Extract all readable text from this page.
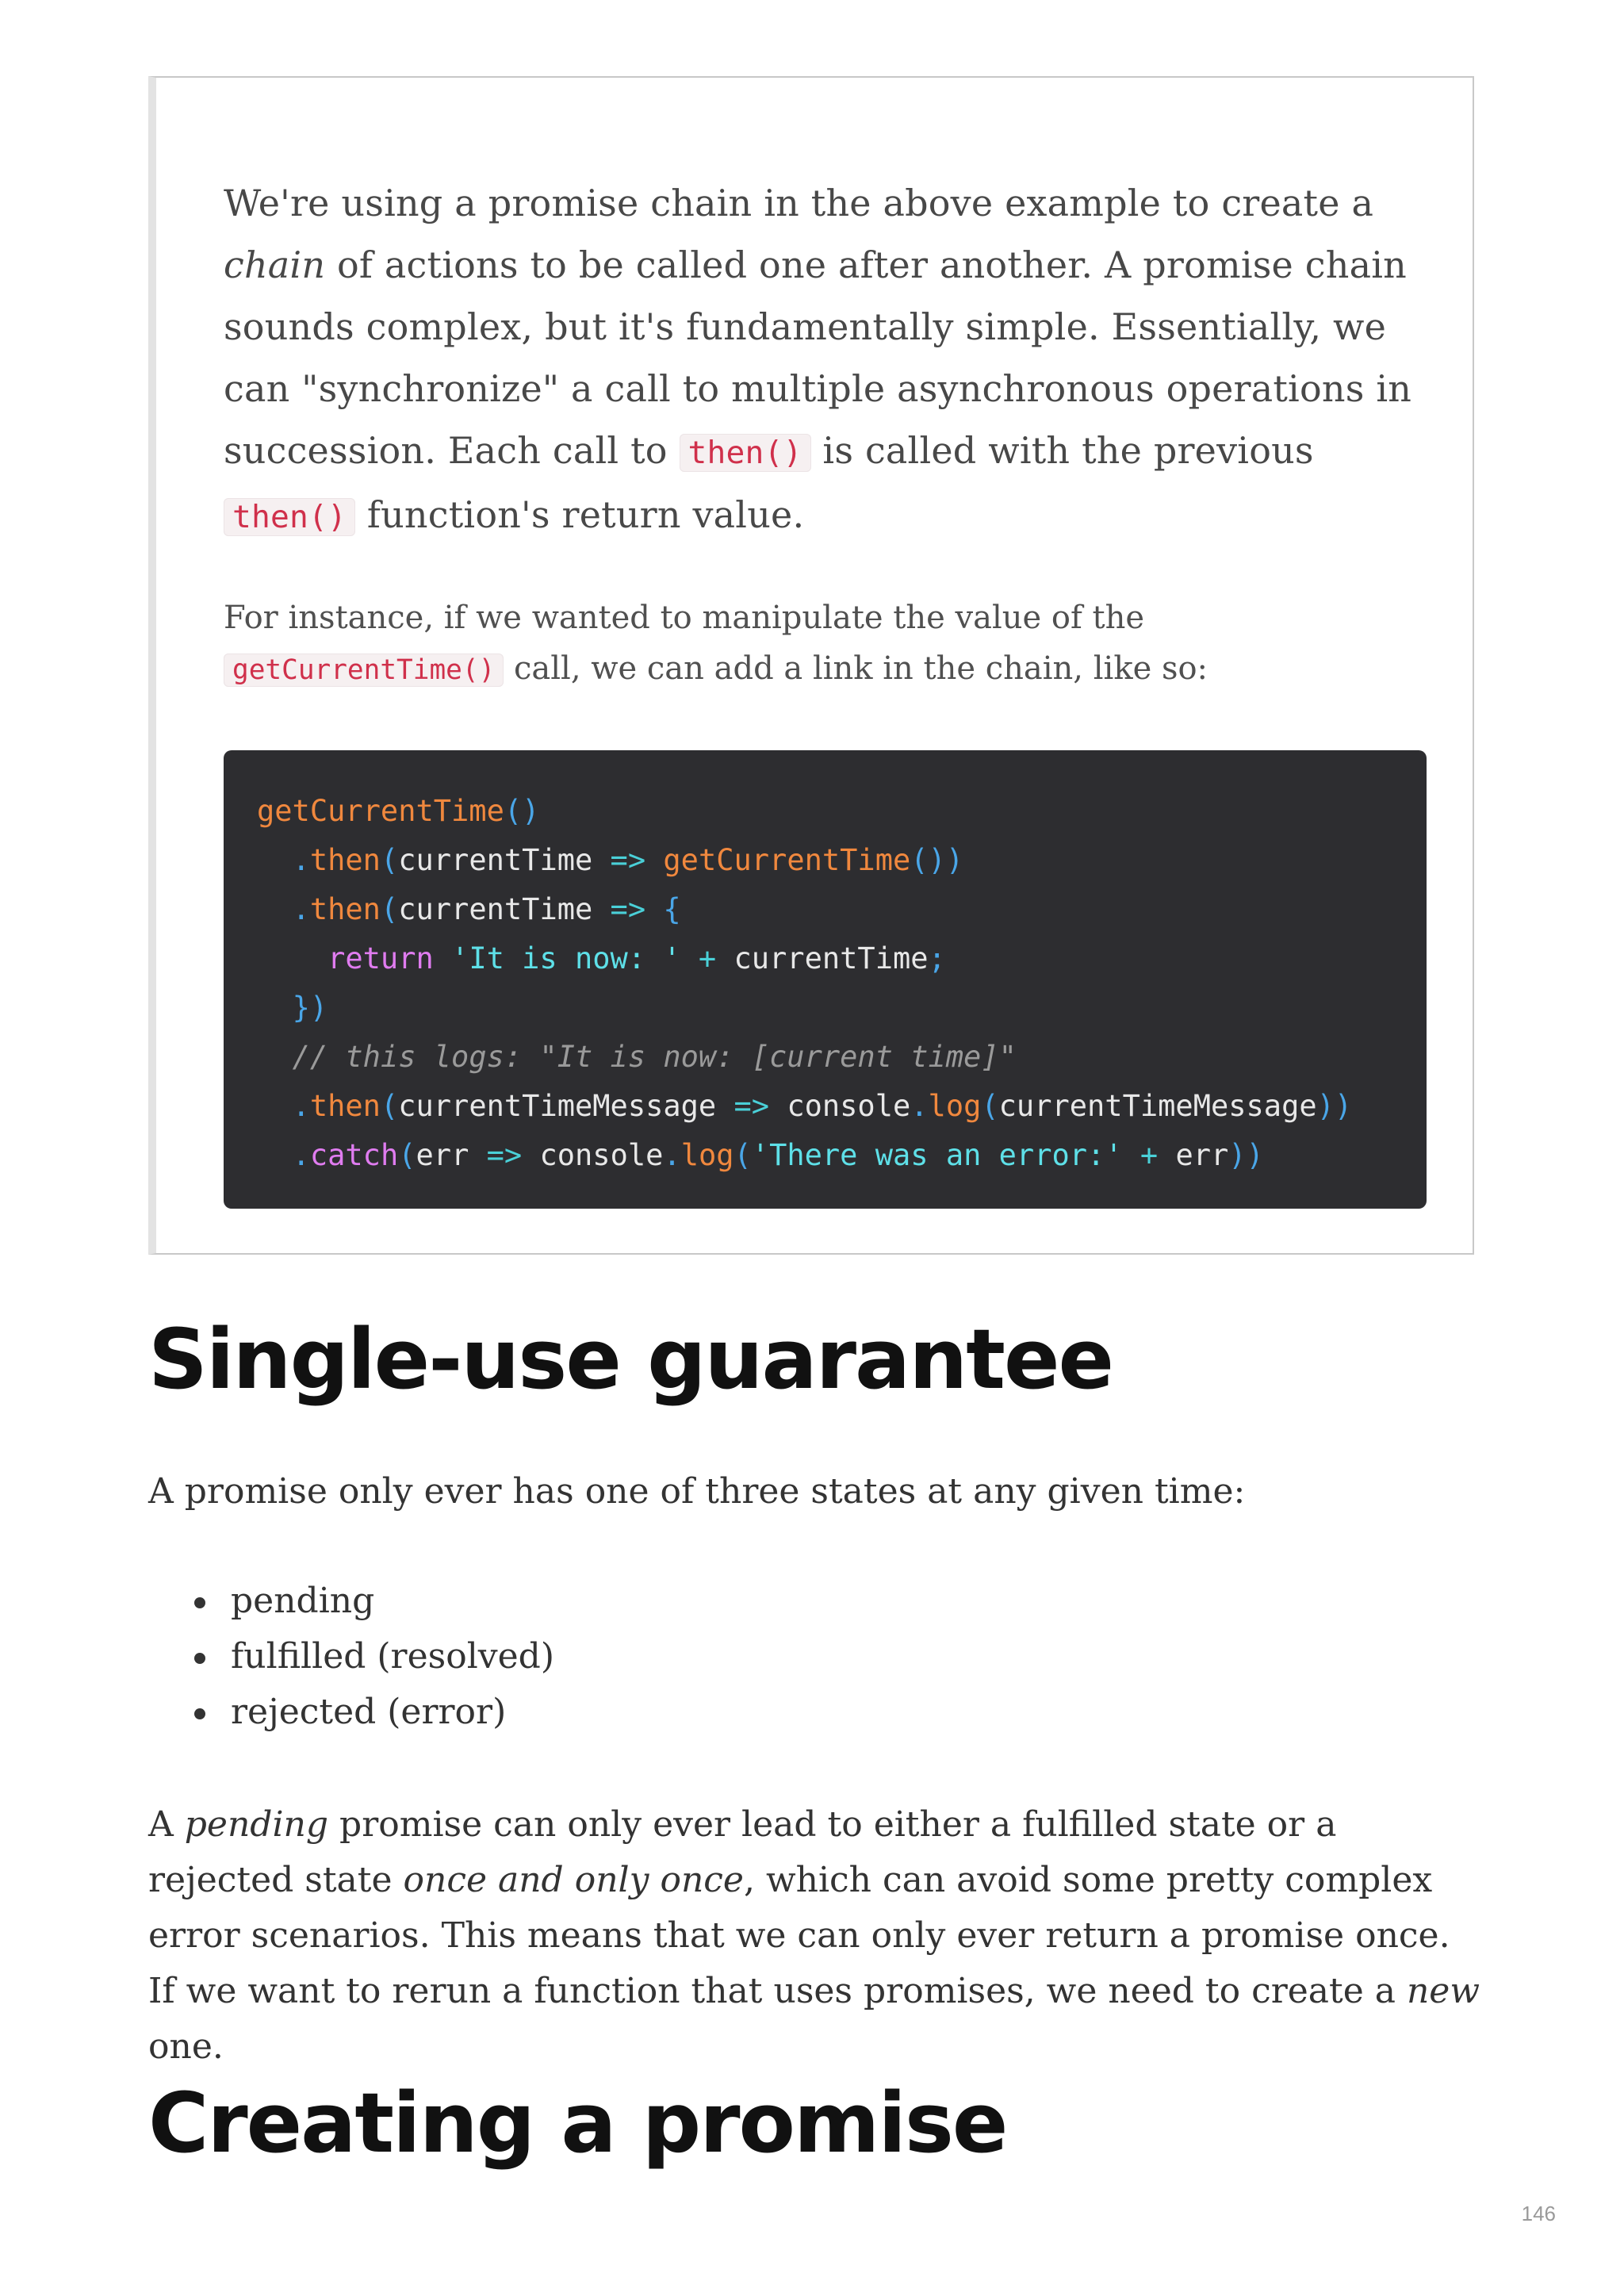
We're using a promise chain in the above example to create a chain of actions to be called one after another. A promise chain sounds complex, but it's fundamentally simple. Essentially, we can "synchronize" a call to multiple asynchronous operations in succession. Each call to then() is called with the previous then() function's return value.

For instance, if we wanted to manipulate the value of the getCurrentTime() call, we can add a link in the chain, like so:

getCurrentTime()
.then(currentTime => getCurrentTime())
.then(currentTime => {
return 'It is now: ' + currentTime;
})
// this logs: "It is now: [current time]"
.then(currentTimeMessage => console.log(currentTimeMessage))
.catch(err => console.log('There was an error:' + err))
Single-use guarantee

A promise only ever has one of three states at any given time:

pending
fulfilled (resolved)
rejected (error)

A pending promise can only ever lead to either a fulfilled state or a rejected state once and only once, which can avoid some pretty complex error scenarios. This means that we can only ever return a promise once. If we want to rerun a function that uses promises, we need to create a new one.

Creating a promise
146
